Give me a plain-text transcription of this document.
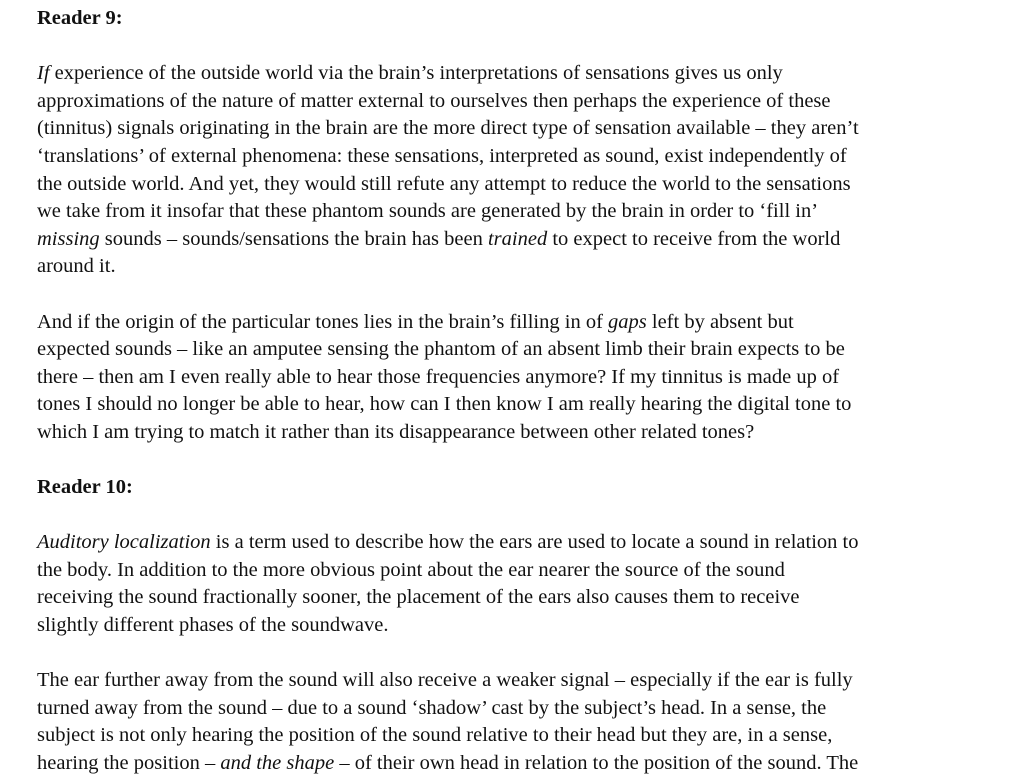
Reader 9:

If experience of the outside world via the brain’s interpretations of sensations gives us only
approximations of the nature of matter external to ourselves then perhaps the experience of these
(tinnitus) signals originating in the brain are the more direct type of sensation available – they aren’t
‘translations’ of external phenomena: these sensations, interpreted as sound, exist independently of
the outside world. And yet, they would still refute any attempt to reduce the world to the sensations
we take from it insofar that these phantom sounds are generated by the brain in order to ‘fill in’
missing sounds – sounds/sensations the brain has been trained to expect to receive from the world
around it.

And if the origin of the particular tones lies in the brain’s filling in of gaps left by absent but
expected sounds – like an amputee sensing the phantom of an absent limb their brain expects to be
there – then am I even really able to hear those frequencies anymore? If my tinnitus is made up of
tones I should no longer be able to hear, how can I then know I am really hearing the digital tone to
which I am trying to match it rather than its disappearance between other related tones?

Reader 10:

Auditory localization is a term used to describe how the ears are used to locate a sound in relation to
the body. In addition to the more obvious point about the ear nearer the source of the sound
receiving the sound fractionally sooner, the placement of the ears also causes them to receive
slightly different phases of the soundwave.

The ear further away from the sound will also receive a weaker signal – especially if the ear is fully
turned away from the sound – due to a sound ‘shadow’ cast by the subject’s head. In a sense, the
subject is not only hearing the position of the sound relative to their head but they are, in a sense,
hearing the position – and the shape – of their own head in relation to the position of the sound. The
